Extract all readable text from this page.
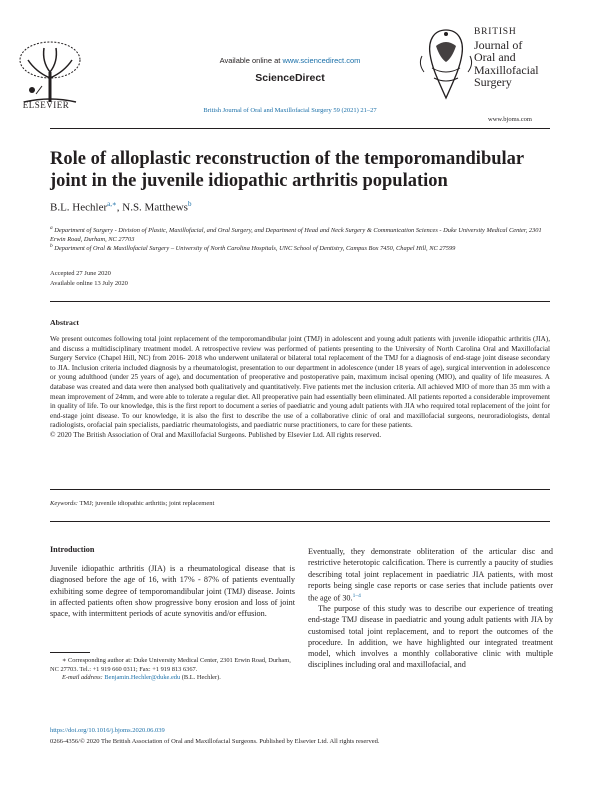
ELSEVIER
Available online at www.sciencedirect.com
ScienceDirect
British Journal of Oral and Maxillofacial Surgery 59 (2021) 21–27
BRITISH
Journal of
Oral and
Maxillofacial
Surgery
www.bjoms.com
Role of alloplastic reconstruction of the temporomandibular joint in the juvenile idiopathic arthritis population
B.L. Hechler$^{a,∗}$, N.S. Matthews$^b$
$^a$ Department of Surgery - Division of Plastic, Maxillofacial, and Oral Surgery, and Department of Head and Neck Surgery & Communication Sciences - Duke University Medical Center, 2301 Erwin Road, Durham, NC 27703
$^b$ Department of Oral & Maxillofacial Surgery – University of North Carolina Hospitals, UNC School of Dentistry, Campus Box 7450, Chapel Hill, NC 27599
Accepted 27 June 2020
Available online 13 July 2020
Abstract
We present outcomes following total joint replacement of the temporomandibular joint (TMJ) in adolescent and young adult patients with juvenile idiopathic arthritis (JIA), and discuss a multidisciplinary treatment model. A retrospective review was performed of patients presenting to the University of North Carolina Oral and Maxillofacial Surgery Service (Chapel Hill, NC) from 2016- 2018 who underwent unilateral or bilateral total replacement of the TMJ for a diagnosis of end-stage joint disease secondary to JIA. Inclusion criteria included diagnosis by a rheumatologist, presentation to our department in adolescence (under 18 years of age), surgical intervention in adolescence or young adulthood (under 25 years of age), and documentation of preoperative and postoperative pain, maximum incisal opening (MIO), and quality of life measures. A database was created and data were then analysed both qualitatively and quantitatively. Five patients met the inclusion criteria. All achieved MIO of more than 35 mm with a mean improvement of 24mm, and were able to tolerate a regular diet. All preoperative pain had essentially been eliminated. All patients reported a considerable improvement in quality of life. To our knowledge, this is the first report to document a series of paediatric and young adult patients with JIA who required total replacement of the joint for end-stage joint disease. To our knowledge, it is also the first to describe the use of a collaborative clinic of oral and maxillofacial surgeons, neuroradiologists, dental radiologists, orofacial pain specialists, paediatric rheumatologists, and paediatric nurse practitioners, to care for these patients.
© 2020 The British Association of Oral and Maxillofacial Surgeons. Published by Elsevier Ltd. All rights reserved.
Keywords: TMJ; juvenile idiopathic arthritis; joint replacement
Introduction
Juvenile idiopathic arthritis (JIA) is a rheumatological disease that is diagnosed before the age of 16, with 17% - 87% of patients eventually exhibiting some degree of temporomandibular joint (TMJ) disease. Joints in affected patients often show progressive bony erosion and loss of joint space, with intermittent periods of acute synovitis and/or effusion.
Eventually, they demonstrate obliteration of the articular disc and restrictive heterotopic calcification. There is currently a paucity of studies describing total joint replacement in paediatric JIA patients, with most reports being single case reports or case series that include patients over the age of 30.$^{1-4}$
The purpose of this study was to describe our experience of treating end-stage TMJ disease in paediatric and young adult patients with JIA by customised total joint replacement, and to report the outcomes of the procedure. In addition, we have highlighted our integrated treatment model, which involves a monthly collaborative clinic with multiple disciplines including oral and maxillofacial, and
∗ Corresponding author at: Duke University Medical Center, 2301 Erwin Road, Durham, NC 27703. Tel.: +1 919 660 0311; Fax: +1 919 813 6367.
E-mail address: Benjamin.Hechler@duke.edu (B.L. Hechler).
https://doi.org/10.1016/j.bjoms.2020.06.039
0266-4356/© 2020 The British Association of Oral and Maxillofacial Surgeons. Published by Elsevier Ltd. All rights reserved.
